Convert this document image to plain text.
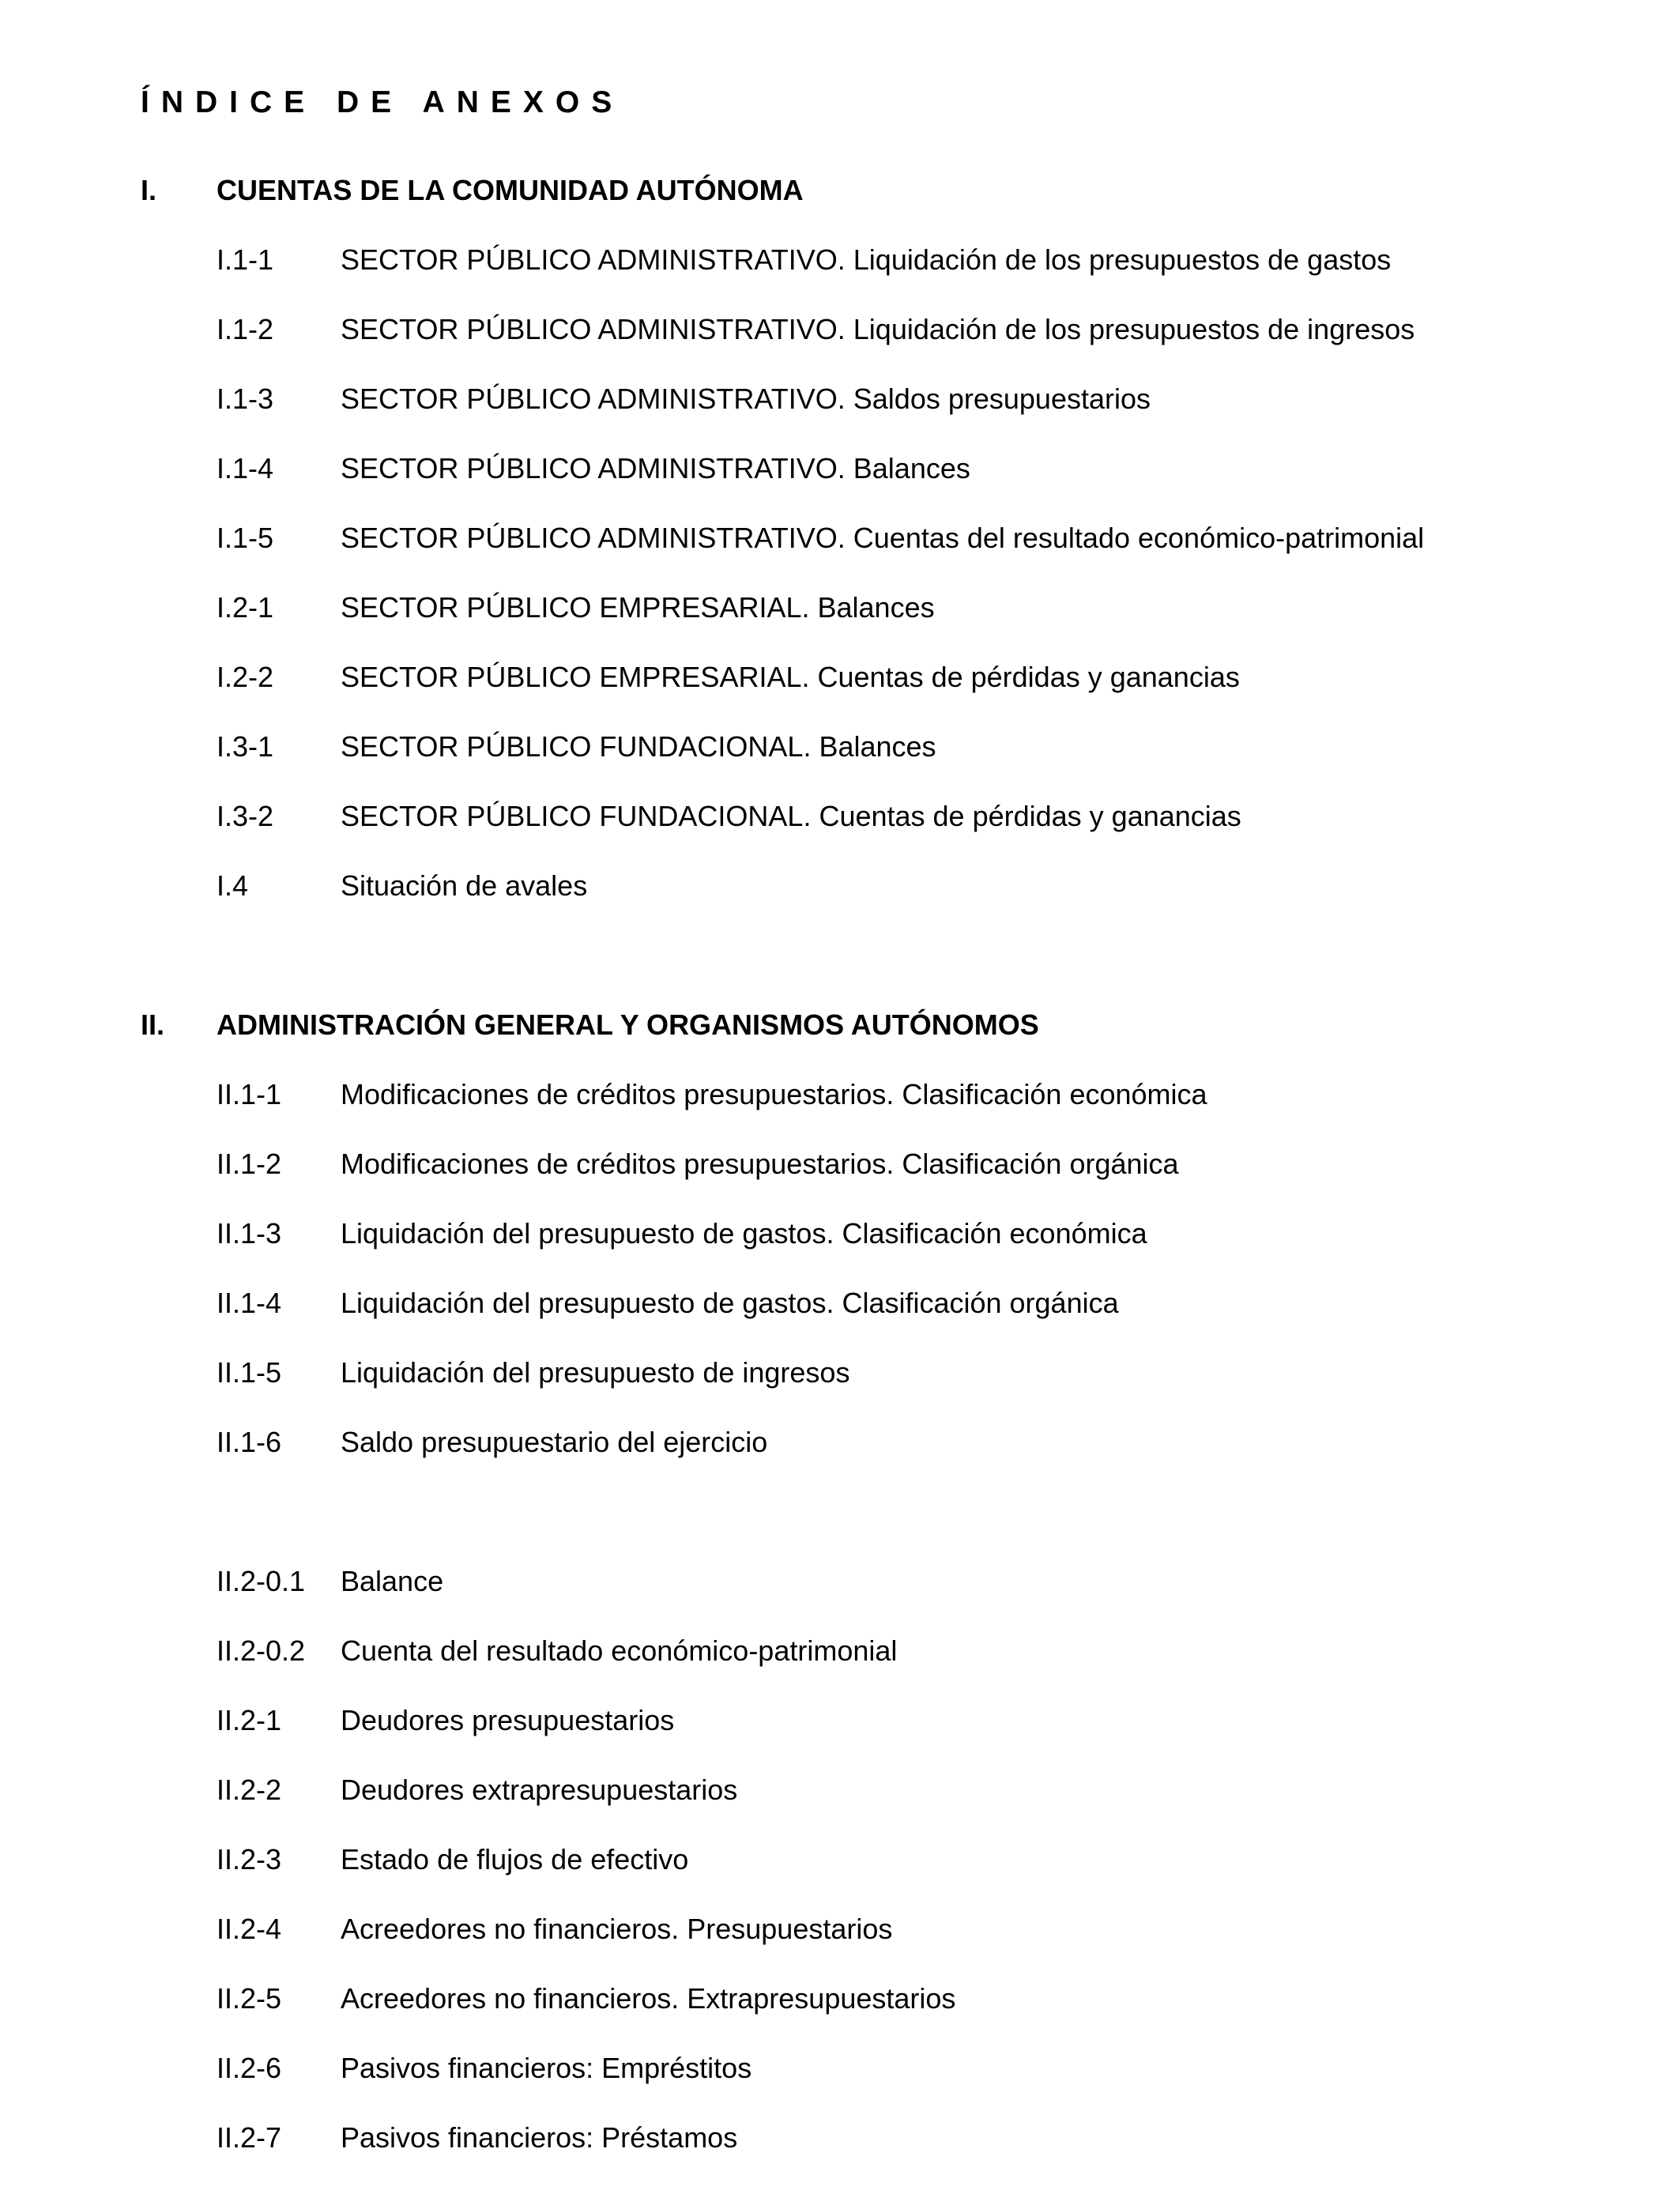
ÍNDICE DE ANEXOS
I. CUENTAS DE LA COMUNIDAD AUTÓNOMA
I.1-1 SECTOR PÚBLICO ADMINISTRATIVO. Liquidación de los presupuestos de gastos
I.1-2 SECTOR PÚBLICO ADMINISTRATIVO. Liquidación de los presupuestos de ingresos
I.1-3 SECTOR PÚBLICO ADMINISTRATIVO. Saldos presupuestarios
I.1-4 SECTOR PÚBLICO ADMINISTRATIVO. Balances
I.1-5 SECTOR PÚBLICO ADMINISTRATIVO. Cuentas del resultado económico-patrimonial
I.2-1 SECTOR PÚBLICO EMPRESARIAL. Balances
I.2-2 SECTOR PÚBLICO EMPRESARIAL. Cuentas de pérdidas y ganancias
I.3-1 SECTOR PÚBLICO FUNDACIONAL. Balances
I.3-2 SECTOR PÚBLICO FUNDACIONAL. Cuentas de pérdidas y ganancias
I.4	Situación de avales
II. ADMINISTRACIÓN GENERAL Y ORGANISMOS AUTÓNOMOS
II.1-1 Modificaciones de créditos presupuestarios. Clasificación económica
II.1-2 Modificaciones de créditos presupuestarios. Clasificación orgánica
II.1-3 Liquidación del presupuesto de gastos. Clasificación económica
II.1-4 Liquidación del presupuesto de gastos. Clasificación orgánica
II.1-5 Liquidación del presupuesto de ingresos
II.1-6 Saldo presupuestario del ejercicio
II.2-0.1 Balance
II.2-0.2 Cuenta del resultado económico-patrimonial
II.2-1 Deudores presupuestarios
II.2-2 Deudores extrapresupuestarios
II.2-3 Estado de flujos de efectivo
II.2-4 Acreedores no financieros. Presupuestarios
II.2-5 Acreedores no financieros. Extrapresupuestarios
II.2-6 Pasivos financieros: Empréstitos
II.2-7 Pasivos financieros: Préstamos
